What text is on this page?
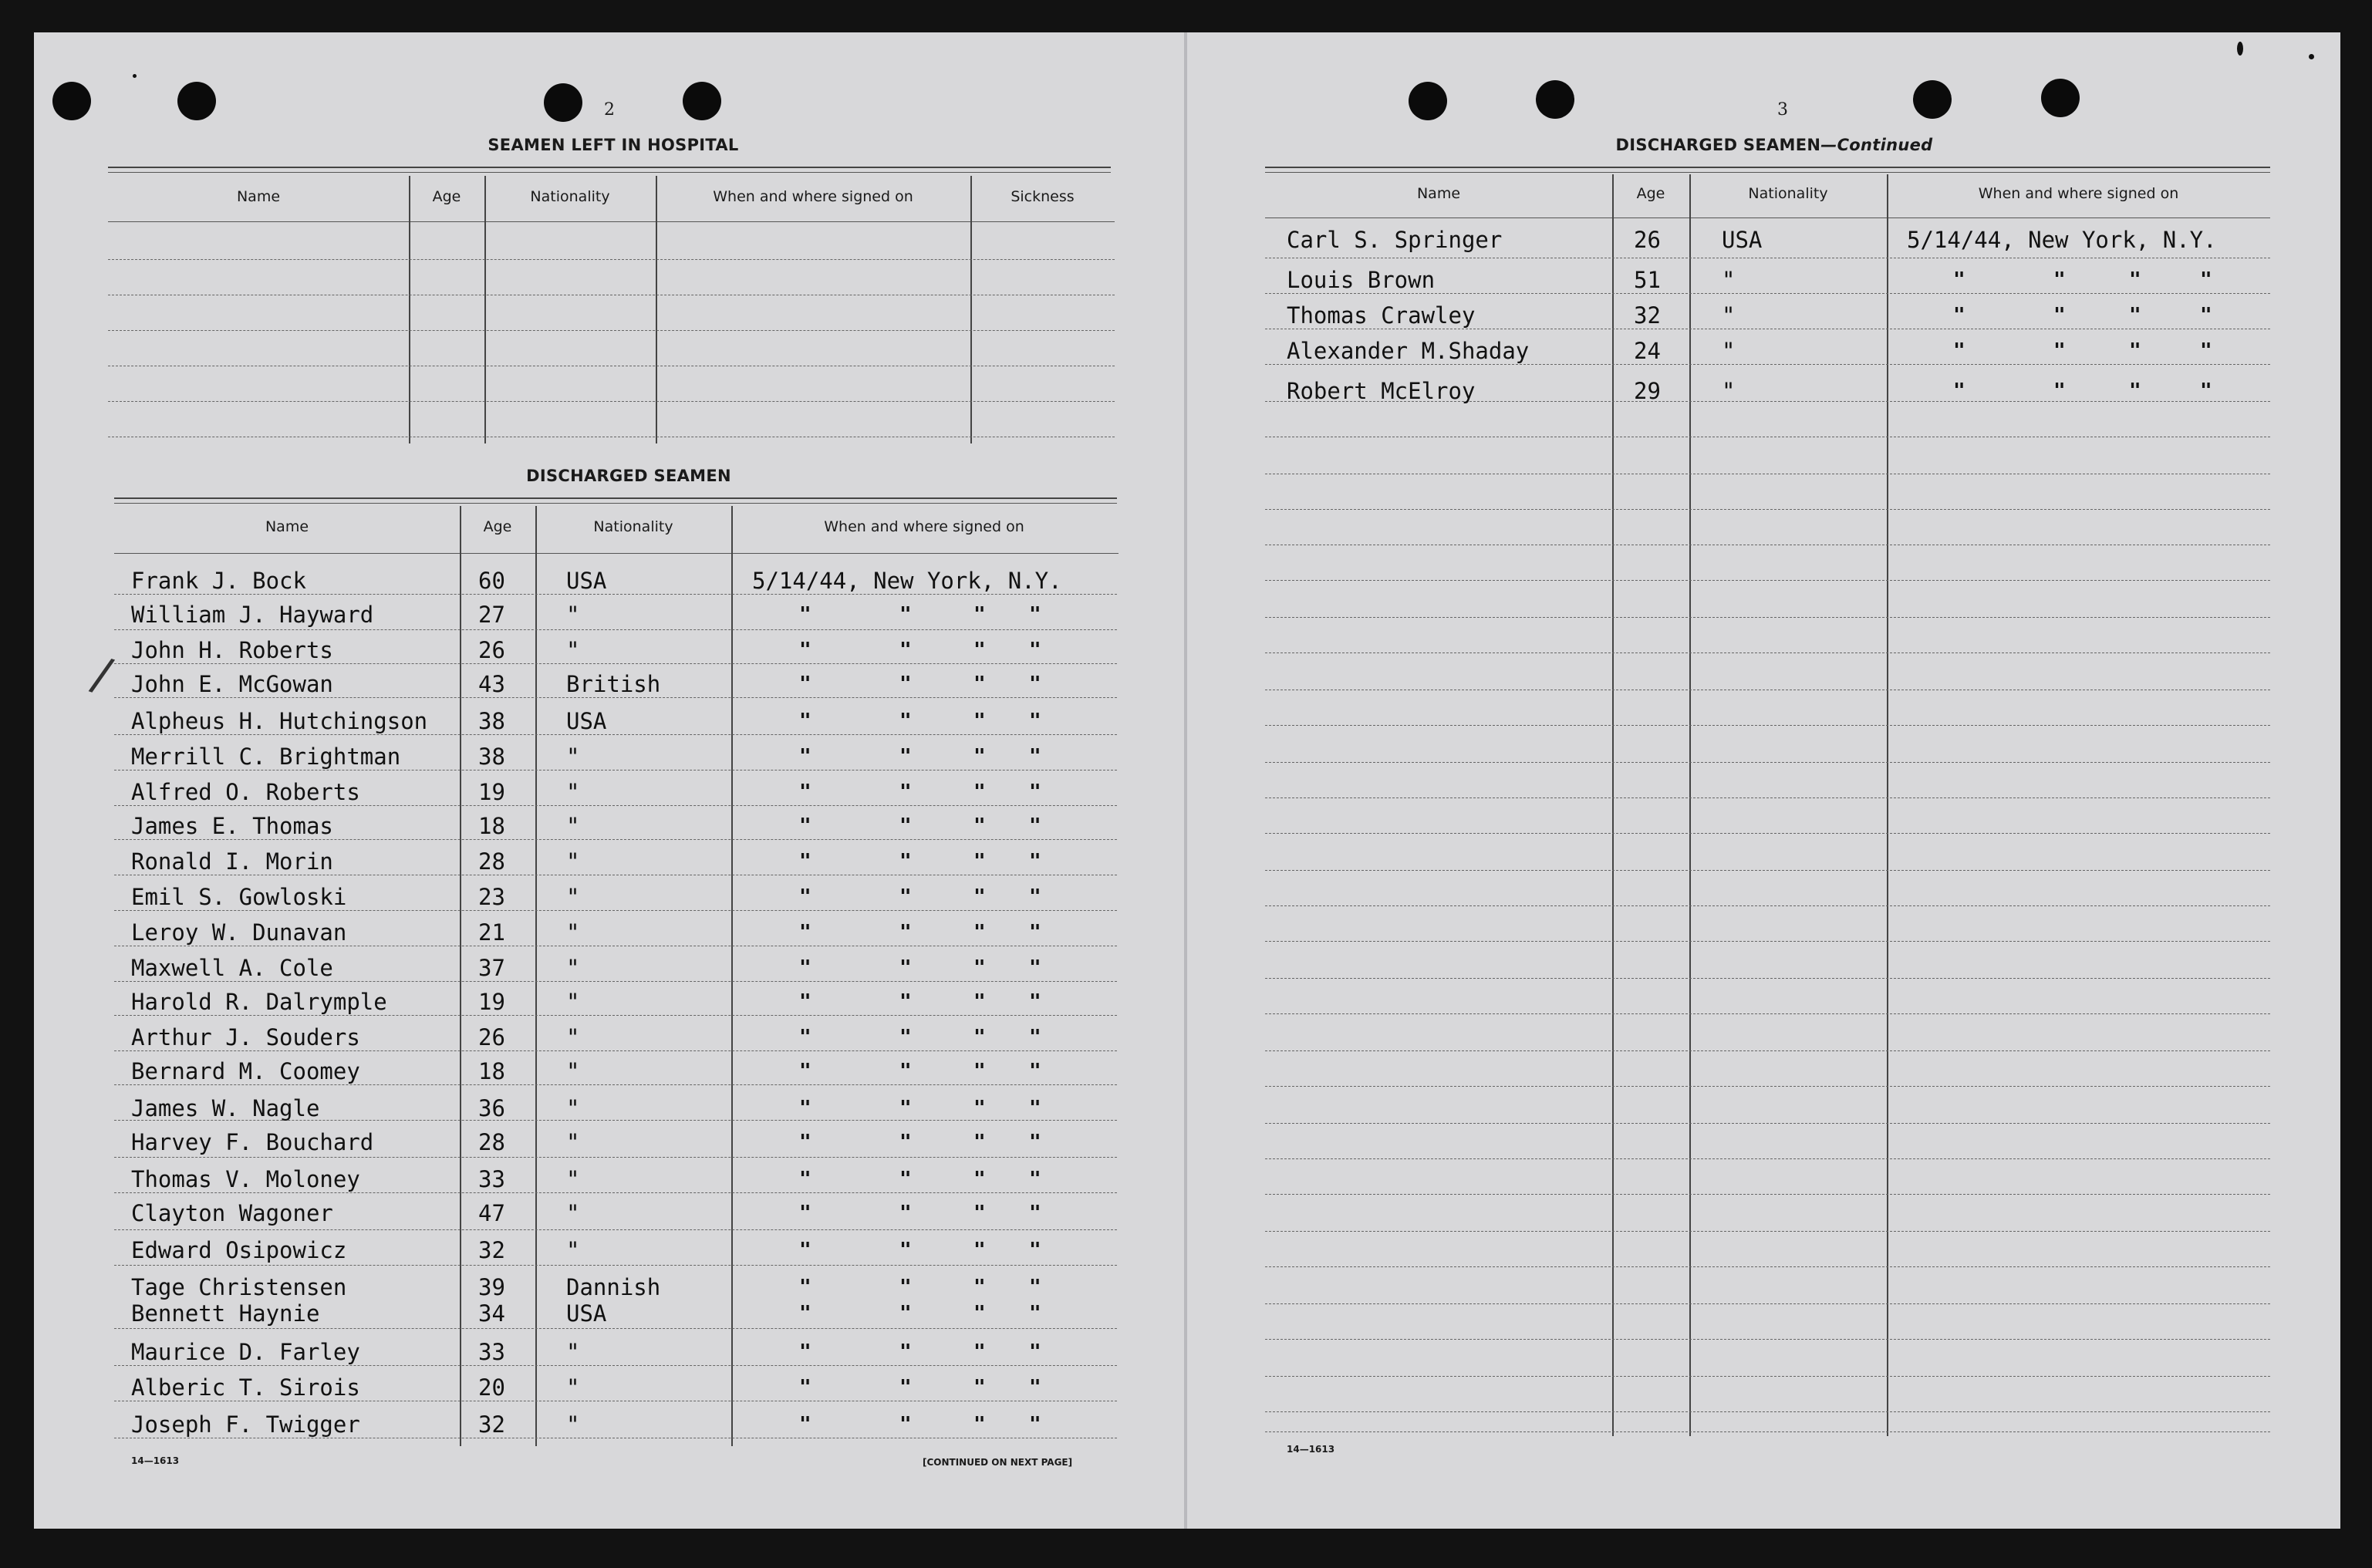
2
SEAMEN LEFT IN HOSPITAL
Name	Age	Nationality	When and where signed on	Sickness
DISCHARGED SEAMEN
Name	Age	Nationality	When and where signed on
Frank J. Bock	60	USA	5/14/44, New York, N.Y.
William J. Hayward	27	"	"	"	" "
John H. Roberts	26	"	"	"	" "
John E. McGowan	43	British	"	"	" "
Alpheus H. Hutchingson 38	USA	"	"	" "
Merrill C. Brightman	38	"	"	"	" "
Alfred O. Roberts	19	"	"	"	" "
James E. Thomas	18	"	"	"	" "
Ronald I. Morin	28	"	"	"	" "
Emil S. Gowloski	23	"	"	"	" "
Leroy W. Dunavan	21	"	"	"	" "
Maxwell A. Cole	37	"	"	"	" "
Harold R. Dalrymple	19	"	"	"	" "
Arthur J. Souders	26	"	"	"	" "
Bernard M. Coomey	18	"	"	"	" "
James W. Nagle	36	"	"	"	" "
Harvey F. Bouchard	28	"	"	"	" "
Thomas V. Moloney	33	"	"	"	" "
Clayton Wagoner	47	"	"	"	" "
Edward Osipowicz	32	"	"	"	" "
Tage Christensen	39	Dannish	"	"	" "
Bennett Haynie	34	USA	"	"	" "
Maurice D. Farley	33	"	"	"	" "
Alberic T. Sirois	20	"	"	"	" "
Joseph F. Twigger	32	"	"	"	" "
/
14—1613	[CONTINUED ON NEXT PAGE]
3
DISCHARGED SEAMEN—Continued
Name	Age	Nationality	When and where signed on
Carl S. Springer	26	USA	5/14/44, New York, N.Y.
Louis Brown	51	"	"	"	"	"
Thomas Crawley	32	"	"	"	"	"
Alexander M.Shaday	24	"	"	"	"	"
Robert McElroy	29	"	"	"	"	"
14—1613
